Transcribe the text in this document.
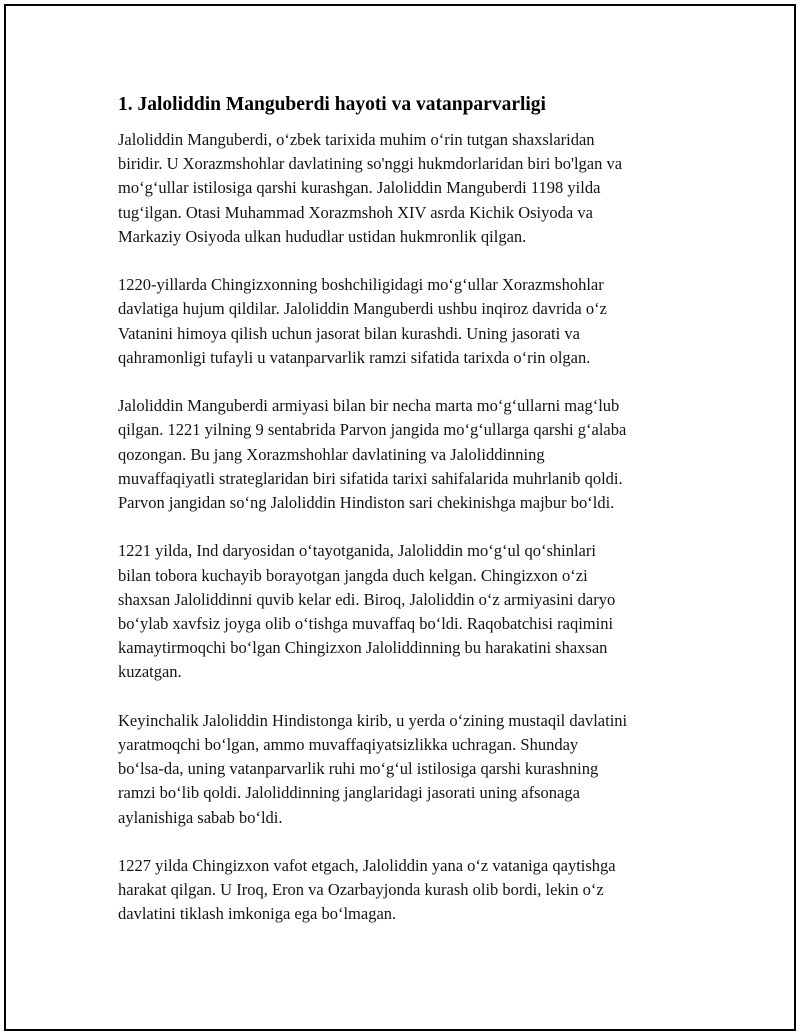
1. Jaloliddin Manguberdi hayoti va vatanparvarligi

Jaloliddin Manguberdi, o‘zbek tarixida muhim o‘rin tutgan shaxslaridan
biridir. U Xorazmshohlar davlatining so'nggi hukmdorlaridan biri bo'lgan va
mo‘g‘ullar istilosiga qarshi kurashgan. Jaloliddin Manguberdi 1198 yilda
tug‘ilgan. Otasi Muhammad Xorazmshoh XIV asrda Kichik Osiyoda va
Markaziy Osiyoda ulkan hududlar ustidan hukmronlik qilgan.

1220-yillarda Chingizxonning boshchiligidagi mo‘g‘ullar Xorazmshohlar
davlatiga hujum qildilar. Jaloliddin Manguberdi ushbu inqiroz davrida o‘z
Vatanini himoya qilish uchun jasorat bilan kurashdi. Uning jasorati va
qahramonligi tufayli u vatanparvarlik ramzi sifatida tarixda o‘rin olgan.

Jaloliddin Manguberdi armiyasi bilan bir necha marta mo‘g‘ullarni mag‘lub
qilgan. 1221 yilning 9 sentabrida Parvon jangida mo‘g‘ullarga qarshi g‘alaba
qozongan. Bu jang Xorazmshohlar davlatining va Jaloliddinning
muvaffaqiyatli strateglaridan biri sifatida tarixi sahifalarida muhrlanib qoldi.
Parvon jangidan so‘ng Jaloliddin Hindiston sari chekinishga majbur bo‘ldi.

1221 yilda, Ind daryosidan o‘tayotganida, Jaloliddin mo‘g‘ul qo‘shinlari
bilan tobora kuchayib borayotgan jangda duch kelgan. Chingizxon o‘zi
shaxsan Jaloliddinni quvib kelar edi. Biroq, Jaloliddin o‘z armiyasini daryo
bo‘ylab xavfsiz joyga olib o‘tishga muvaffaq bo‘ldi. Raqobatchisi raqimini
kamaytirmoqchi bo‘lgan Chingizxon Jaloliddinning bu harakatini shaxsan
kuzatgan.

Keyinchalik Jaloliddin Hindistonga kirib, u yerda o‘zining mustaqil davlatini
yaratmoqchi bo‘lgan, ammo muvaffaqiyatsizlikka uchragan. Shunday
bo‘lsa-da, uning vatanparvarlik ruhi mo‘g‘ul istilosiga qarshi kurashning
ramzi bo‘lib qoldi. Jaloliddinning janglaridagi jasorati uning afsonaga
aylanishiga sabab bo‘ldi.

1227 yilda Chingizxon vafot etgach, Jaloliddin yana o‘z vataniga qaytishga
harakat qilgan. U Iroq, Eron va Ozarbayjonda kurash olib bordi, lekin o‘z
davlatini tiklash imkoniga ega bo‘lmagan.
